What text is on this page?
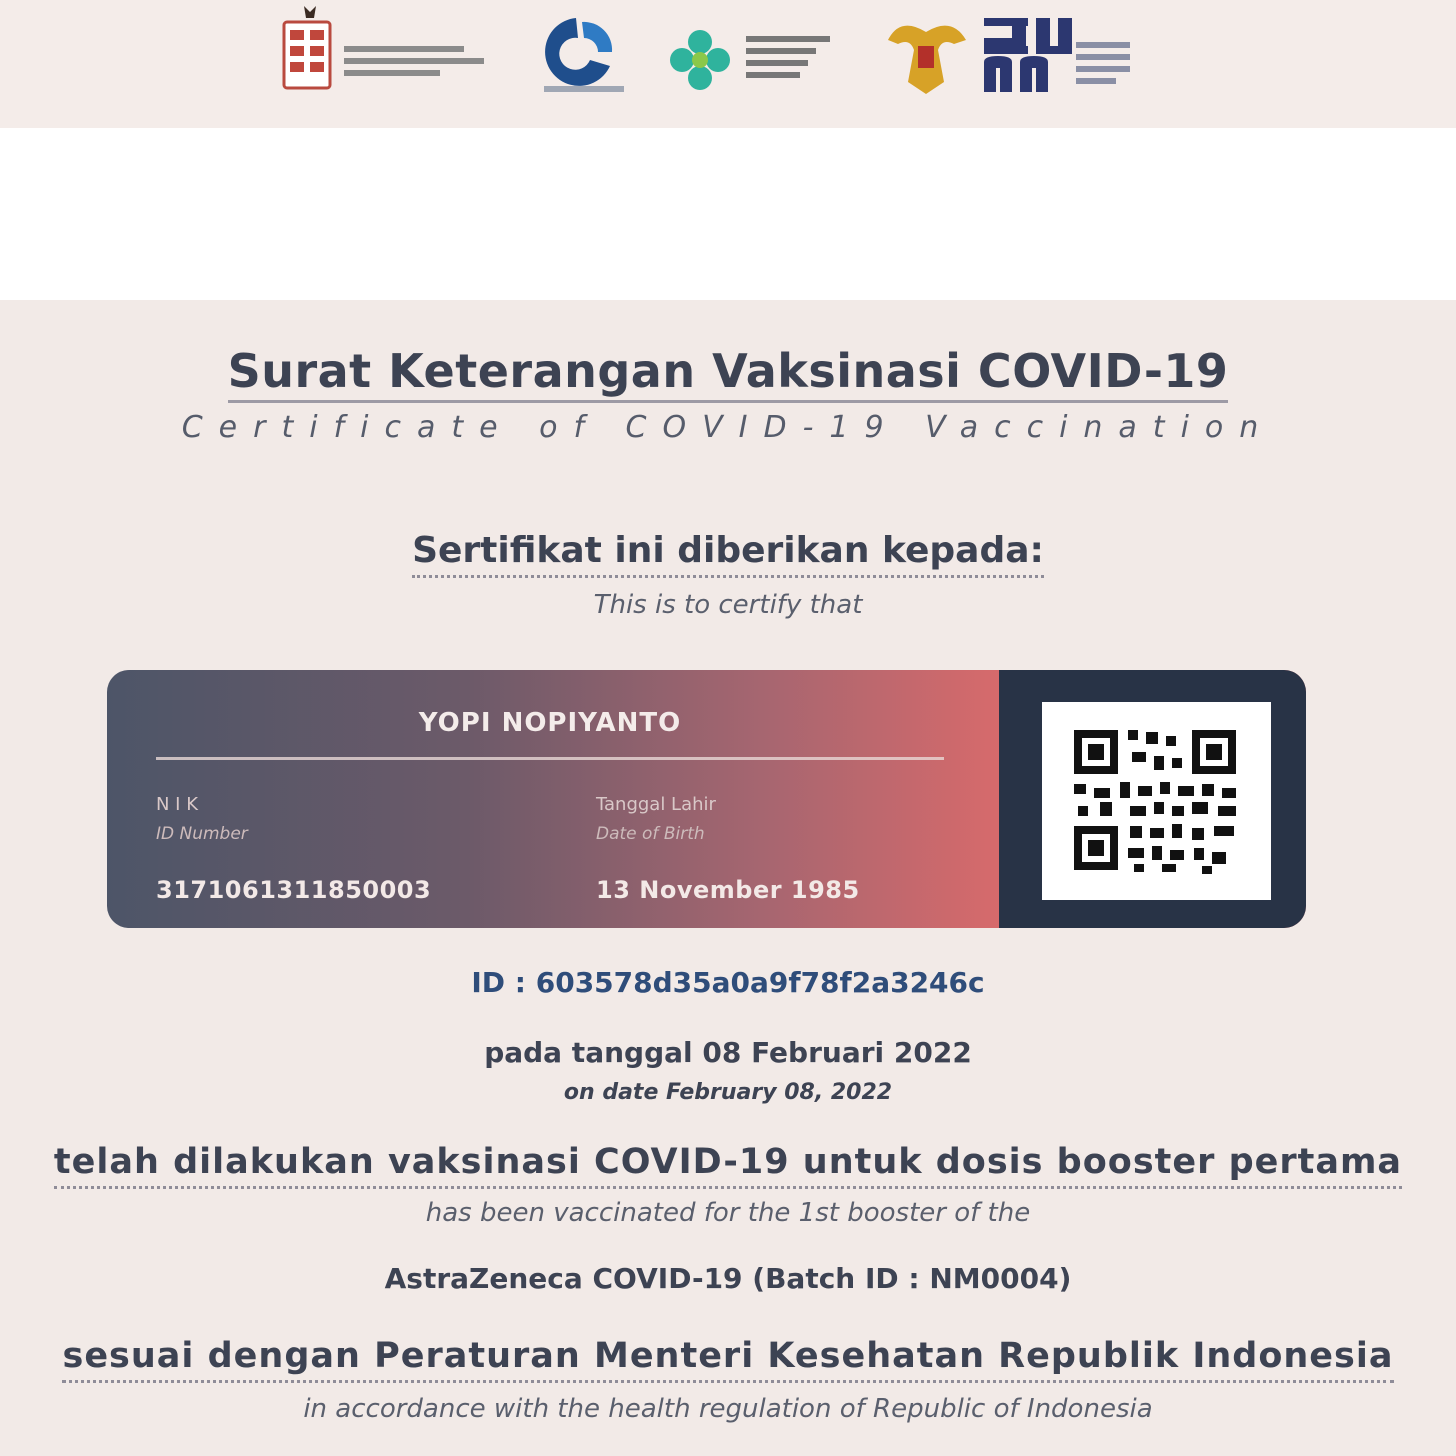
Surat Keterangan Vaksinasi COVID-19
Certificate of COVID-19 Vaccination
Sertifikat ini diberikan kepada:
This is to certify that
YOPI NOPIYANTO
N I K
ID Number
3171061311850003
Tanggal Lahir
Date of Birth
13 November 1985
ID : 603578d35a0a9f78f2a3246c
pada tanggal 08 Februari 2022
on date February 08, 2022
telah dilakukan vaksinasi COVID-19 untuk dosis booster pertama
has been vaccinated for the 1st booster of the
AstraZeneca COVID-19 (Batch ID : NM0004)
sesuai dengan Peraturan Menteri Kesehatan Republik Indonesia
in accordance with the health regulation of Republic of Indonesia
